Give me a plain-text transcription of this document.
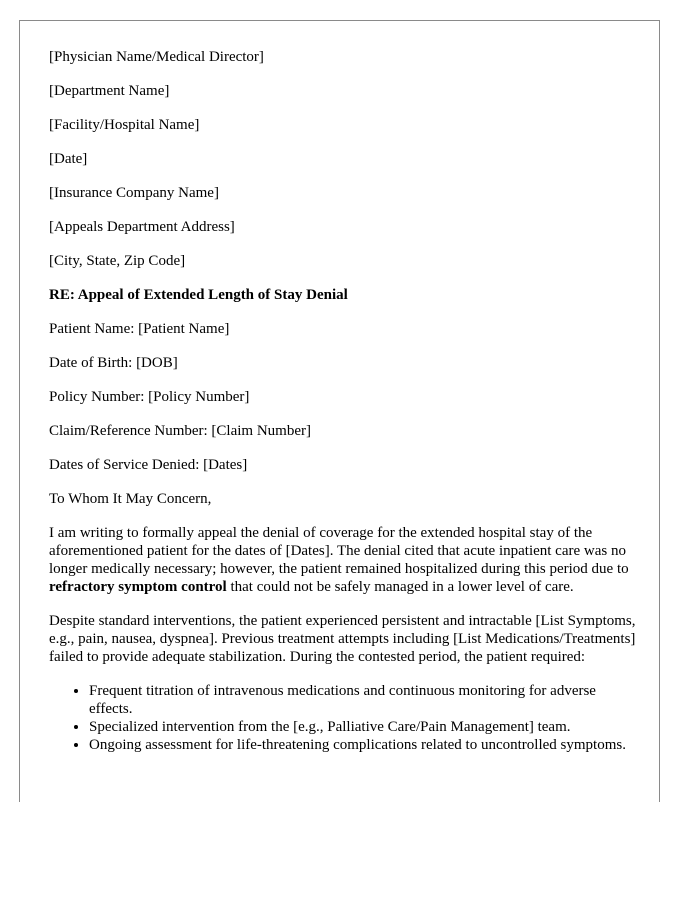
[Physician Name/Medical Director]
[Department Name]
[Facility/Hospital Name]
[Date]
[Insurance Company Name]
[Appeals Department Address]
[City, State, Zip Code]
RE: Appeal of Extended Length of Stay Denial
Patient Name: [Patient Name]
Date of Birth: [DOB]
Policy Number: [Policy Number]
Claim/Reference Number: [Claim Number]
Dates of Service Denied: [Dates]
To Whom It May Concern,

I am writing to formally appeal the denial of coverage for the extended hospital stay of the aforementioned patient for the dates of [Dates]. The denial cited that acute inpatient care was no longer medically necessary; however, the patient remained hospitalized during this period due to refractory symptom control that could not be safely managed in a lower level of care.

Despite standard interventions, the patient experienced persistent and intractable [List Symptoms, e.g., pain, nausea, dyspnea]. Previous treatment attempts including [List Medications/Treatments] failed to provide adequate stabilization. During the contested period, the patient required:

• Frequent titration of intravenous medications and continuous monitoring for adverse effects.
• Specialized intervention from the [e.g., Palliative Care/Pain Management] team.
• Ongoing assessment for life-threatening complications related to uncontrolled symptoms.
